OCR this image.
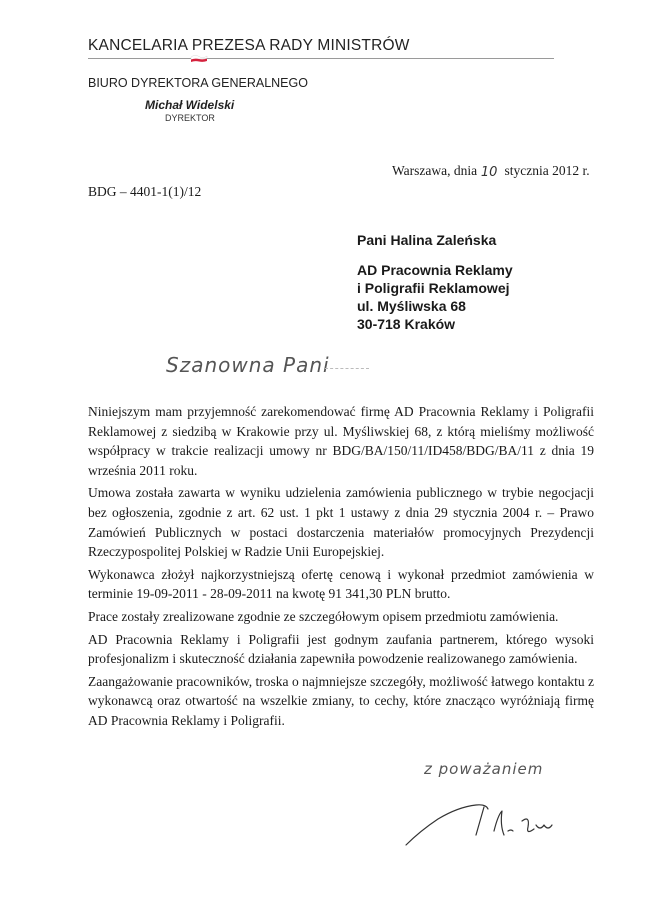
KANCELARIA PREZESA RADY MINISTRÓW
BIURO DYREKTORA GENERALNEGO
Michał Widelski
DYREKTOR
Warszawa, dnia 10 stycznia 2012 r.
BDG – 4401-1(1)/12
Pani Halina Zaleńska
AD Pracownia Reklamy
i Poligrafii Reklamowej
ul. Myśliwska 68
30-718 Kraków
Szanowna Pani

Niniejszym mam przyjemność zarekomendować firmę AD Pracownia Reklamy i Poligrafii Reklamowej z siedzibą w Krakowie przy ul. Myśliwskiej 68, z którą mieliśmy możliwość współpracy w trakcie realizacji umowy nr BDG/BA/150/11/ID458/BDG/BA/11 z dnia 19 września 2011 roku.

Umowa została zawarta w wyniku udzielenia zamówienia publicznego w trybie negocjacji bez ogłoszenia, zgodnie z art. 62 ust. 1 pkt 1 ustawy z dnia 29 stycznia 2004 r. – Prawo Zamówień Publicznych w postaci dostarczenia materiałów promocyjnych Prezydencji Rzeczypospolitej Polskiej w Radzie Unii Europejskiej.

Wykonawca złożył najkorzystniejszą ofertę cenową i wykonał przedmiot zamówienia w terminie 19-09-2011 - 28-09-2011 na kwotę 91 341,30 PLN brutto.

Prace zostały zrealizowane zgodnie ze szczegółowym opisem przedmiotu zamówienia.

AD Pracownia Reklamy i Poligrafii jest godnym zaufania partnerem, którego wysoki profesjonalizm i skuteczność działania zapewniła powodzenie realizowanego zamówienia.

Zaangażowanie pracowników, troska o najmniejsze szczegóły, możliwość łatwego kontaktu z wykonawcą oraz otwartość na wszelkie zmiany, to cechy, które znacząco wyróżniają firmę AD Pracownia Reklamy i Poligrafii.

z poważaniem
